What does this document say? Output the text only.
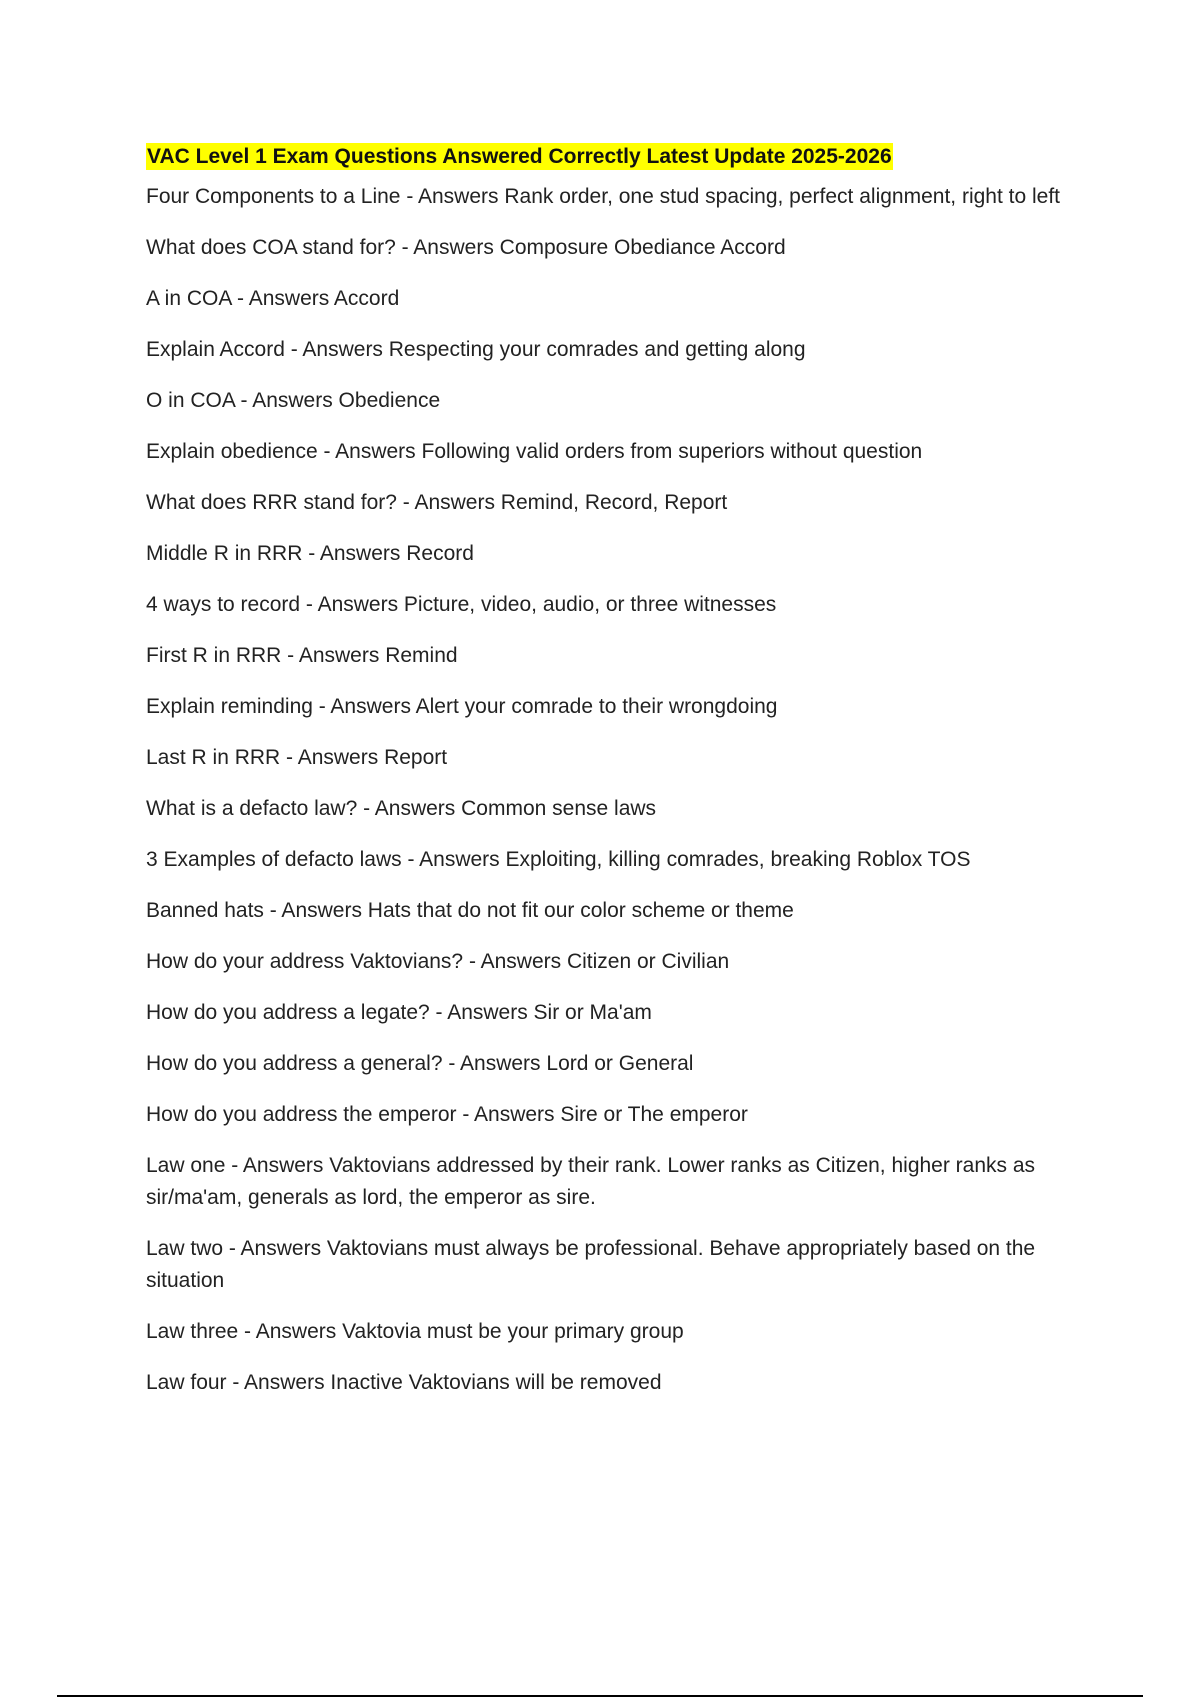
VAC Level 1 Exam Questions Answered Correctly Latest Update 2025-2026
Four Components to a Line - Answers Rank order, one stud spacing, perfect alignment, right to left
What does COA stand for? - Answers Composure Obediance Accord
A in COA - Answers Accord
Explain Accord - Answers Respecting your comrades and getting along
O in COA - Answers Obedience
Explain obedience - Answers Following valid orders from superiors without question
What does RRR stand for? - Answers Remind, Record, Report
Middle R in RRR - Answers Record
4 ways to record - Answers Picture, video, audio, or three witnesses
First R in RRR - Answers Remind
Explain reminding - Answers Alert your comrade to their wrongdoing
Last R in RRR - Answers Report
What is a defacto law? - Answers Common sense laws
3 Examples of defacto laws - Answers Exploiting, killing comrades, breaking Roblox TOS
Banned hats - Answers Hats that do not fit our color scheme or theme
How do your address Vaktovians? - Answers Citizen or Civilian
How do you address a legate? - Answers Sir or Ma'am
How do you address a general? - Answers Lord or General
How do you address the emperor - Answers Sire or The emperor
Law one - Answers Vaktovians addressed by their rank. Lower ranks as Citizen, higher ranks as sir/ma'am, generals as lord, the emperor as sire.
Law two - Answers Vaktovians must always be professional. Behave appropriately based on the situation
Law three - Answers Vaktovia must be your primary group
Law four - Answers Inactive Vaktovians will be removed
